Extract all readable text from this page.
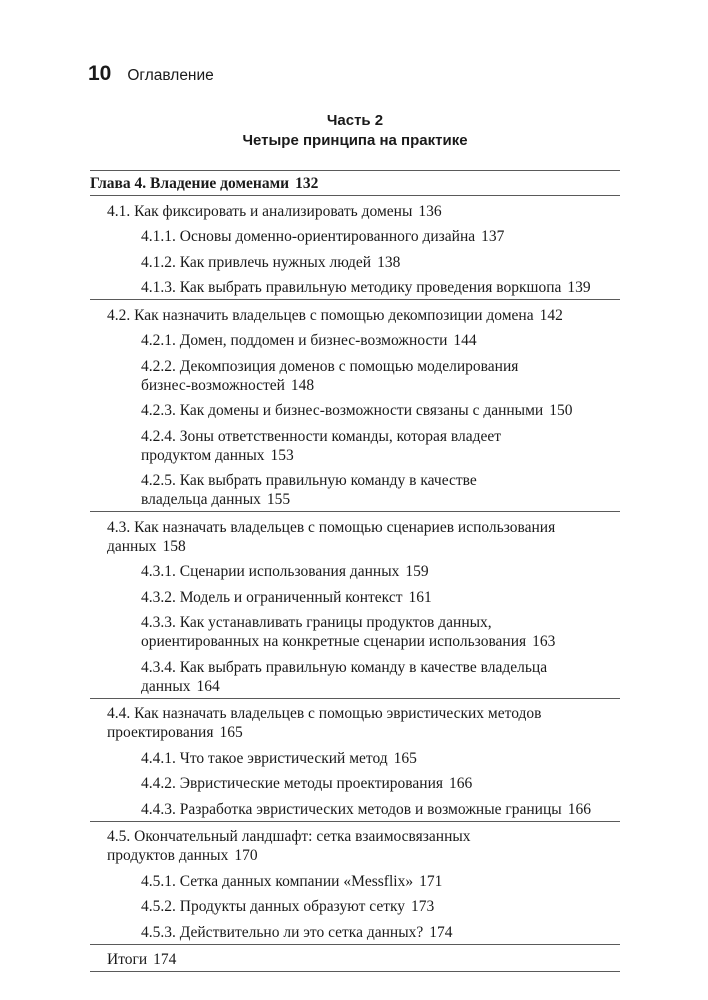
10 Оглавление
Часть 2
Четыре принципа на практике
Глава 4. Владение доменами 132
4.1. Как фиксировать и анализировать домены 136
4.1.1. Основы доменно-ориентированного дизайна 137
4.1.2. Как привлечь нужных людей 138
4.1.3. Как выбрать правильную методику проведения воркшопа 139
4.2. Как назначить владельцев с помощью декомпозиции домена 142
4.2.1. Домен, поддомен и бизнес-возможности 144
4.2.2. Декомпозиция доменов с помощью моделирования
бизнес-возможностей 148
4.2.3. Как домены и бизнес-возможности связаны с данными 150
4.2.4. Зоны ответственности команды, которая владеет
продуктом данных 153
4.2.5. Как выбрать правильную команду в качестве
владельца данных 155
4.3. Как назначать владельцев с помощью сценариев использования
данных 158
4.3.1. Сценарии использования данных 159
4.3.2. Модель и ограниченный контекст 161
4.3.3. Как устанавливать границы продуктов данных,
ориентированных на конкретные сценарии использования 163
4.3.4. Как выбрать правильную команду в качестве владельца
данных 164
4.4. Как назначать владельцев с помощью эвристических методов
проектирования 165
4.4.1. Что такое эвристический метод 165
4.4.2. Эвристические методы проектирования 166
4.4.3. Разработка эвристических методов и возможные границы 166
4.5. Окончательный ландшафт: сетка взаимосвязанных
продуктов данных 170
4.5.1. Сетка данных компании «Messflix» 171
4.5.2. Продукты данных образуют сетку 173
4.5.3. Действительно ли это сетка данных? 174
Итоги 174
